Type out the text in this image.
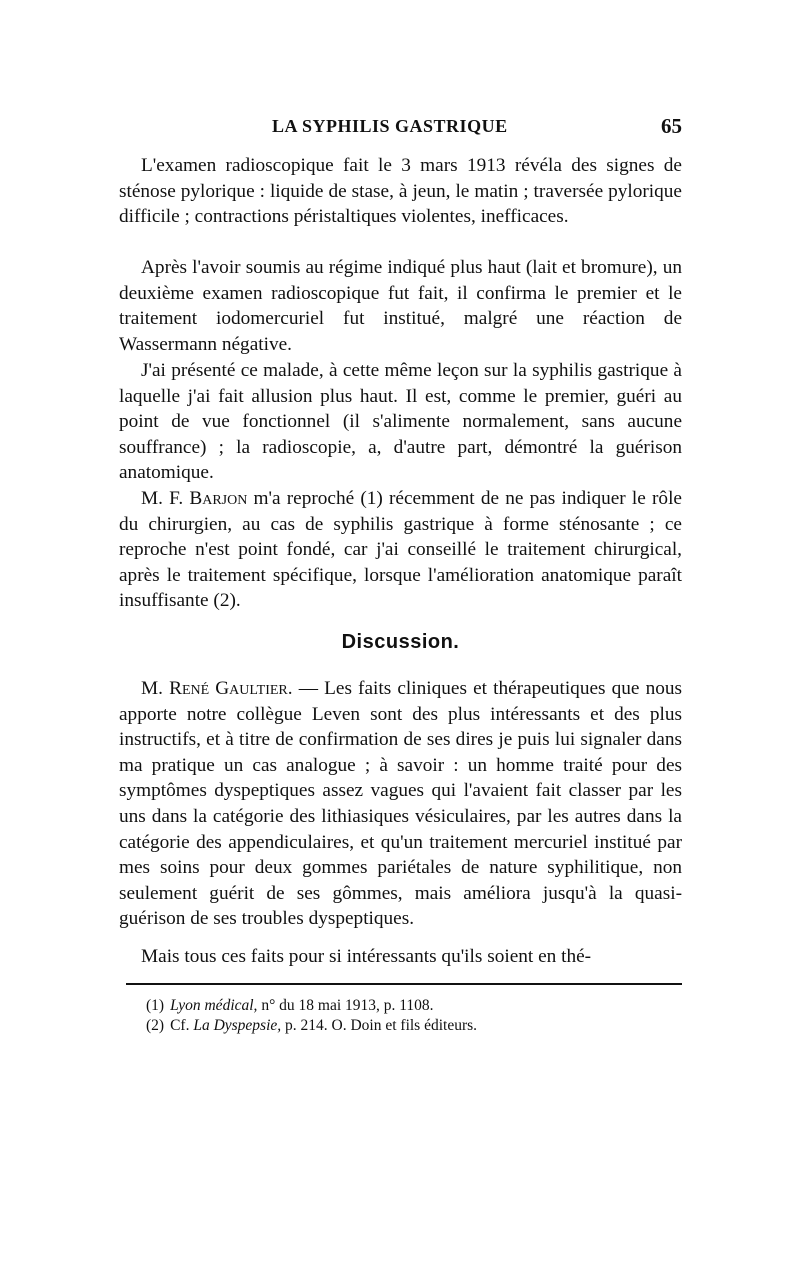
LA SYPHILIS GASTRIQUE	65

L'examen radioscopique fait le 3 mars 1913 révéla des signes de sténose pylorique : liquide de stase, à jeun, le matin ; traversée pylorique difficile ; contractions péristaltiques violentes, inefficaces.

Après l'avoir soumis au régime indiqué plus haut (lait et bromure), un deuxième examen radioscopique fut fait, il confirma le premier et le traitement iodomercuriel fut institué, malgré une réaction de Wassermann négative.

J'ai présenté ce malade, à cette même leçon sur la syphilis gastrique à laquelle j'ai fait allusion plus haut. Il est, comme le premier, guéri au point de vue fonctionnel (il s'alimente normalement, sans aucune souffrance) ; la radioscopie, a, d'autre part, démontré la guérison anatomique.

M. F. Barjon m'a reproché (1) récemment de ne pas indiquer le rôle du chirurgien, au cas de syphilis gastrique à forme sténosante ; ce reproche n'est point fondé, car j'ai conseillé le traitement chirurgical, après le traitement spécifique, lorsque l'amélioration anatomique paraît insuffisante (2).

Discussion.

M. René Gaultier. — Les faits cliniques et thérapeutiques que nous apporte notre collègue Leven sont des plus intéressants et des plus instructifs, et à titre de confirmation de ses dires je puis lui signaler dans ma pratique un cas analogue ; à savoir : un homme traité pour des symptômes dyspeptiques assez vagues qui l'avaient fait classer par les uns dans la catégorie des lithiasiques vésiculaires, par les autres dans la catégorie des appendiculaires, et qu'un traitement mercuriel institué par mes soins pour deux gommes pariétales de nature syphilitique, non seulement guérit de ses gômmes, mais améliora jusqu'à la quasi-guérison de ses troubles dyspeptiques.

Mais tous ces faits pour si intéressants qu'ils soient en thé-

(1) Lyon médical, n° du 18 mai 1913, p. 1108.
(2) Cf. La Dyspepsie, p. 214. O. Doin et fils éditeurs.
